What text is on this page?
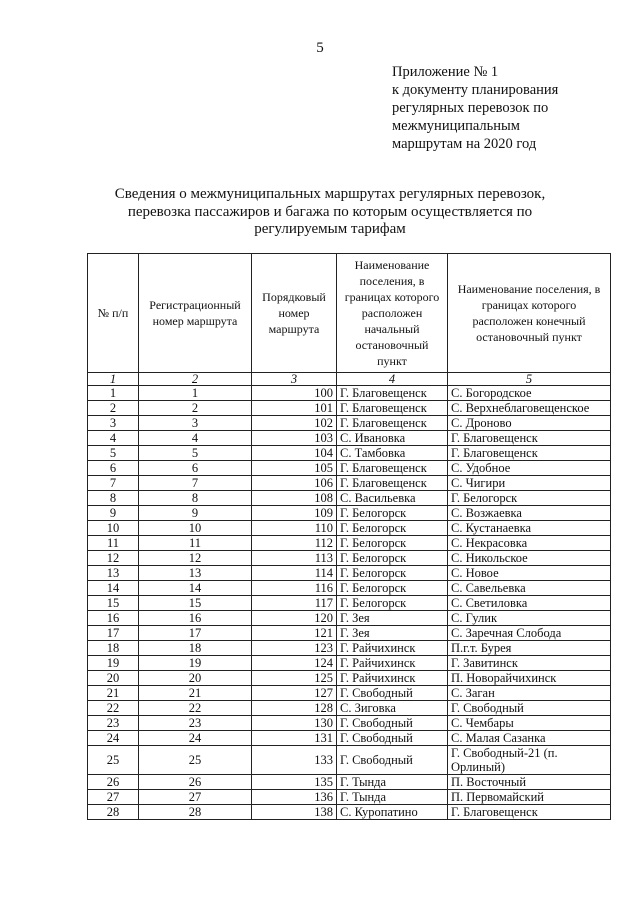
5
Приложение № 1
к документу планирования
регулярных перевозок по
межмуниципальным
маршрутам на 2020 год
Сведения о межмуниципальных маршрутах регулярных перевозок,
перевозка пассажиров и багажа по которым осуществляется по
регулируемым тарифам
№ п/п	Регистрационный номер маршрута	Порядковый номер маршрута	Наименование поселения, в границах которого расположен начальный остановочный пункт	Наименование поселения, в границах которого расположен конечный остановочный пункт
1	2	3	4	5
1	1	100	Г. Благовещенск	С. Богородское
2	2	101	Г. Благовещенск	С. Верхнеблаговещенское
3	3	102	Г. Благовещенск	С. Дроново
4	4	103	С. Ивановка	Г. Благовещенск
5	5	104	С. Тамбовка	Г. Благовещенск
6	6	105	Г. Благовещенск	С. Удобное
7	7	106	Г. Благовещенск	С. Чигири
8	8	108	С. Васильевка	Г. Белогорск
9	9	109	Г. Белогорск	С. Возжаевка
10	10	110	Г. Белогорск	С. Кустанаевка
11	11	112	Г. Белогорск	С. Некрасовка
12	12	113	Г. Белогорск	С. Никольское
13	13	114	Г. Белогорск	С. Новое
14	14	116	Г. Белогорск	С. Савельевка
15	15	117	Г. Белогорск	С. Светиловка
16	16	120	Г. Зея	С. Гулик
17	17	121	Г. Зея	С. Заречная Слобода
18	18	123	Г. Райчихинск	П.г.т. Бурея
19	19	124	Г. Райчихинск	Г. Завитинск
20	20	125	Г. Райчихинск	П. Новорайчихинск
21	21	127	Г. Свободный	С. Заган
22	22	128	С. Зиговка	Г. Свободный
23	23	130	Г. Свободный	С. Чембары
24	24	131	Г. Свободный	С. Малая Сазанка
25	25	133	Г. Свободный	Г. Свободный-21 (п. Орлиный)
26	26	135	Г. Тында	П. Восточный
27	27	136	Г. Тында	П. Первомайский
28	28	138	С. Куропатино	Г. Благовещенск
